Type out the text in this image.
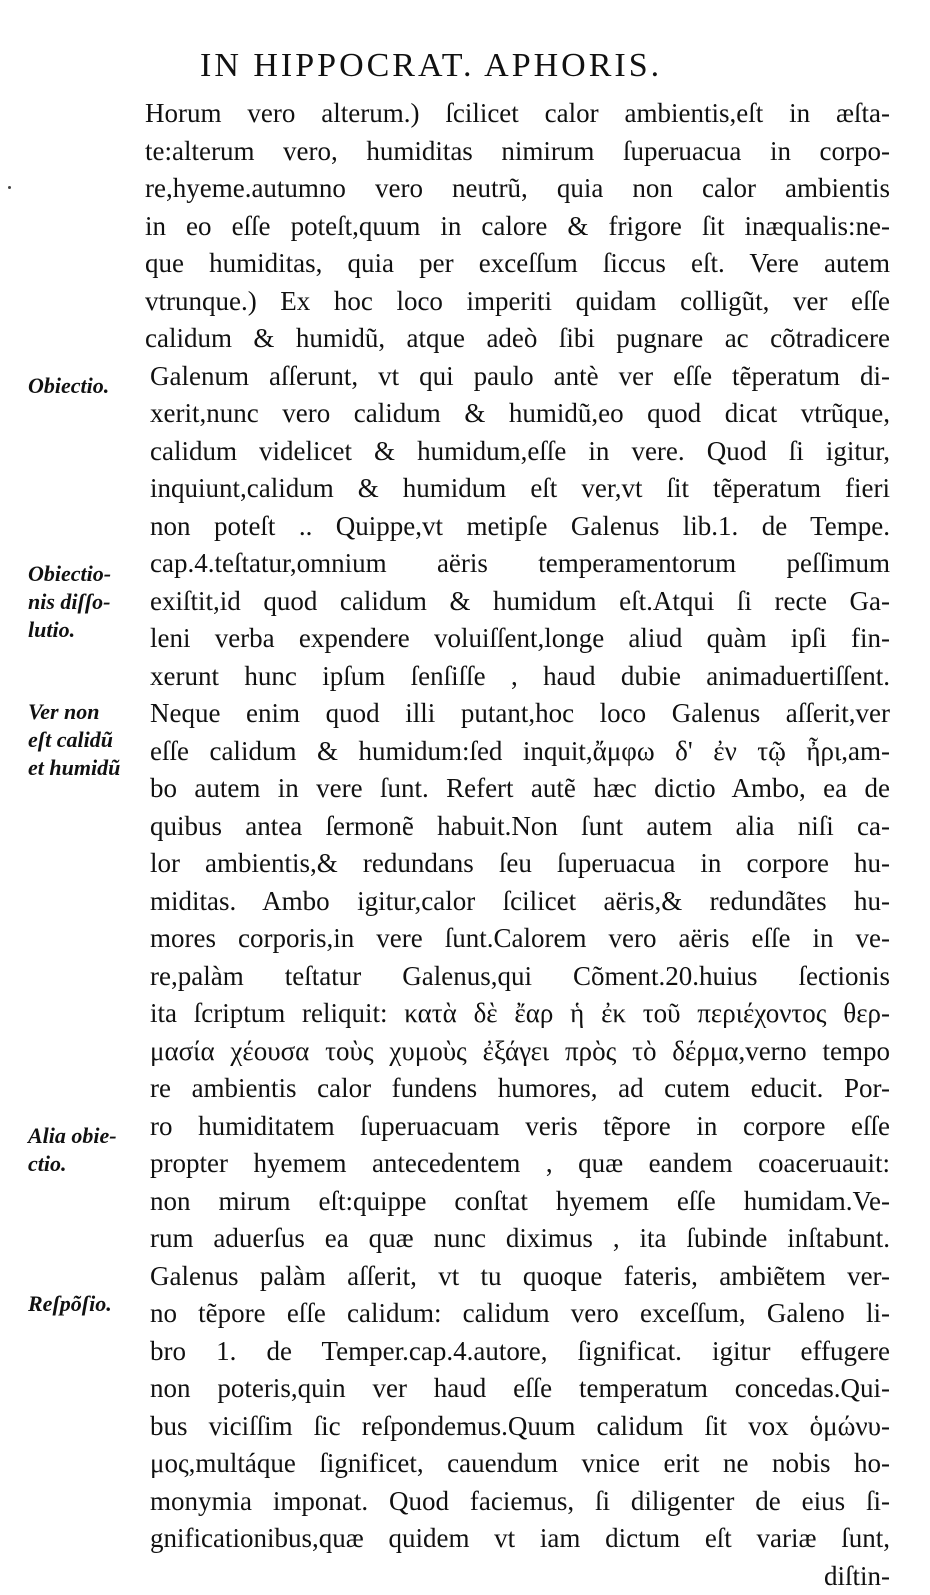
IN HIPPOCRAT. APHORIS.
Obiectio.
Obiectio-
nis diſſo-
lutio.
Ver non
eſt calidũ
et humidũ
Alia obie-
ctio.
Reſpõſio.
Horum vero alterum.) ſcilicet calor ambientis,eſt in æſta-
te:alterum vero, humiditas nimirum ſuperuacua in corpo-
re,hyeme.autumno vero neutrũ, quia non calor ambientis
in eo eſſe poteſt,quum in calore & frigore ſit inæqualis:ne-
que humiditas, quia per exceſſum ſiccus eſt. Vere autem
vtrunque.) Ex hoc loco imperiti quidam colligũt, ver eſſe
calidum & humidũ, atque adeò ſibi pugnare ac cõtradicere
Galenum aſſerunt, vt qui paulo antè ver eſſe tẽperatum di-
xerit,nunc vero calidum & humidũ,eo quod dicat vtrũque,
calidum videlicet & humidum,eſſe in vere. Quod ſi igitur,
inquiunt,calidum & humidum eſt ver,vt ſit tẽperatum fieri
non poteſt .. Quippe,vt metipſe Galenus lib.1. de Tempe.
cap.4.teſtatur,omnium aëris temperamentorum peſſimum
exiſtit,id quod calidum & humidum eſt.Atqui ſi recte Ga-
leni verba expendere voluiſſent,longe aliud quàm ipſi fin-
xerunt hunc ipſum ſenſiſſe , haud dubie animaduertiſſent.
Neque enim quod illi putant,hoc loco Galenus aſſerit,ver
eſſe calidum & humidum:ſed inquit,ἄμφω δ' ἐν τῷ ἦρι,am-
bo autem in vere ſunt. Refert autẽ hæc dictio Ambo, ea de
quibus antea ſermonẽ habuit.Non ſunt autem alia niſi ca-
lor ambientis,& redundans ſeu ſuperuacua in corpore hu-
miditas. Ambo igitur,calor ſcilicet aëris,& redundãtes hu-
mores corporis,in vere ſunt.Calorem vero aëris eſſe in ve-
re,palàm teſtatur Galenus,qui Cõment.20.huius ſectionis
ita ſcriptum reliquit: κατὰ δὲ ἔαρ ἡ ἐκ τοῦ περιέχοντος θερ-
μασία χέουσα τοὺς χυμοὺς ἐξάγει πρὸς τὸ δέρμα,verno tempo
re ambientis calor fundens humores, ad cutem educit. Por-
ro humiditatem ſuperuacuam veris tẽpore in corpore eſſe
propter hyemem antecedentem , quæ eandem coaceruauit:
non mirum eſt:quippe conſtat hyemem eſſe humidam.Ve-
rum aduerſus ea quæ nunc diximus , ita ſubinde inſtabunt.
Galenus palàm aſſerit, vt tu quoque fateris, ambiẽtem ver-
no tẽpore eſſe calidum: calidum vero exceſſum, Galeno li-
bro 1. de Temper.cap.4.autore, ſignificat. igitur effugere
non poteris,quin ver haud eſſe temperatum concedas.Qui-
bus viciſſim ſic reſpondemus.Quum calidum ſit vox ὁμώνυ-
μος,multáque ſignificet, cauendum vnice erit ne nobis ho-
monymia imponat. Quod faciemus, ſi diligenter de eius ſi-
gnificationibus,quæ quidem vt iam dictum eſt variæ ſunt,
diſtin-
